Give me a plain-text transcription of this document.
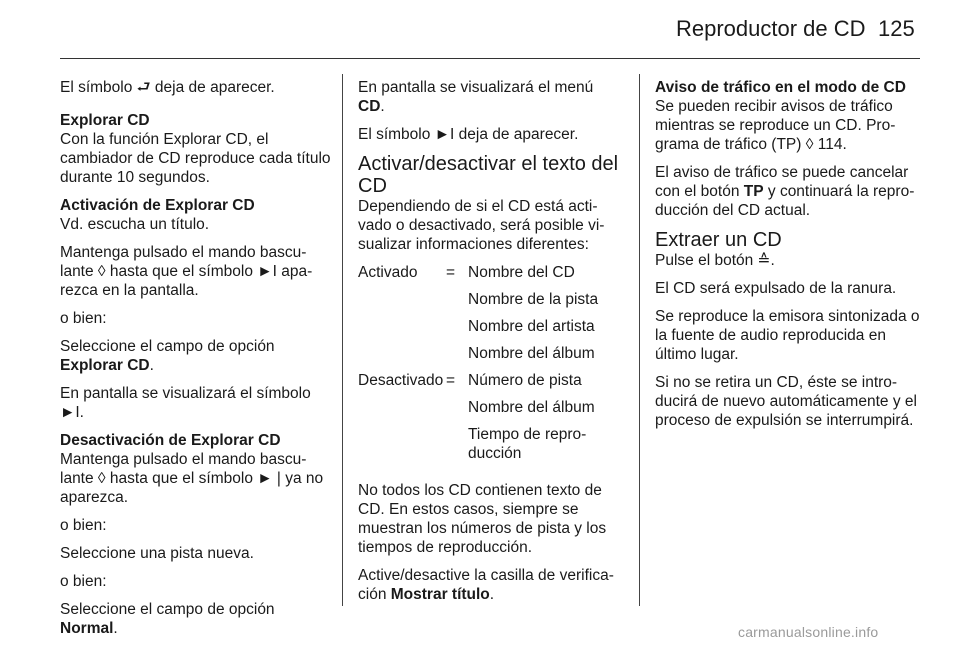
Reproductor de CD 125

El símbolo ⮐ deja de aparecer.

Explorar CD

Con la función Explorar CD, el cambiador de CD reproduce cada título durante 10 segundos.

Activación de Explorar CD

Vd. escucha un título.

Mantenga pulsado el mando basculante ◊ hasta que el símbolo ►I aparezca en la pantalla.

o bien:

Seleccione el campo de opción Explorar CD.

En pantalla se visualizará el símbolo ►I.

Desactivación de Explorar CD

Mantenga pulsado el mando basculante ◊ hasta que el símbolo ► | ya no aparezca.

o bien:

Seleccione una pista nueva.

o bien:

Seleccione el campo de opción Normal.

En pantalla se visualizará el menú CD.

El símbolo ►I deja de aparecer.

Activar/desactivar el texto del CD

Dependiendo de si el CD está activado o desactivado, será posible visualizar informaciones diferentes:

Activado	=	Nombre del CD
		Nombre de la pista
		Nombre del artista
		Nombre del álbum
Desactivado	=	Número de pista
		Nombre del álbum
		Tiempo de reproducción

No todos los CD contienen texto de CD. En estos casos, siempre se muestran los números de pista y los tiempos de reproducción.

Active/desactive la casilla de verificación Mostrar título.

Aviso de tráfico en el modo de CD

Se pueden recibir avisos de tráfico mientras se reproduce un CD. Programa de tráfico (TP) ◊ 114.

El aviso de tráfico se puede cancelar con el botón TP y continuará la reproducción del CD actual.

Extraer un CD

Pulse el botón ≙.

El CD será expulsado de la ranura.

Se reproduce la emisora sintonizada o la fuente de audio reproducida en último lugar.

Si no se retira un CD, éste se introducirá de nuevo automáticamente y el proceso de expulsión se interrumpirá.

carmanualsonline.info
